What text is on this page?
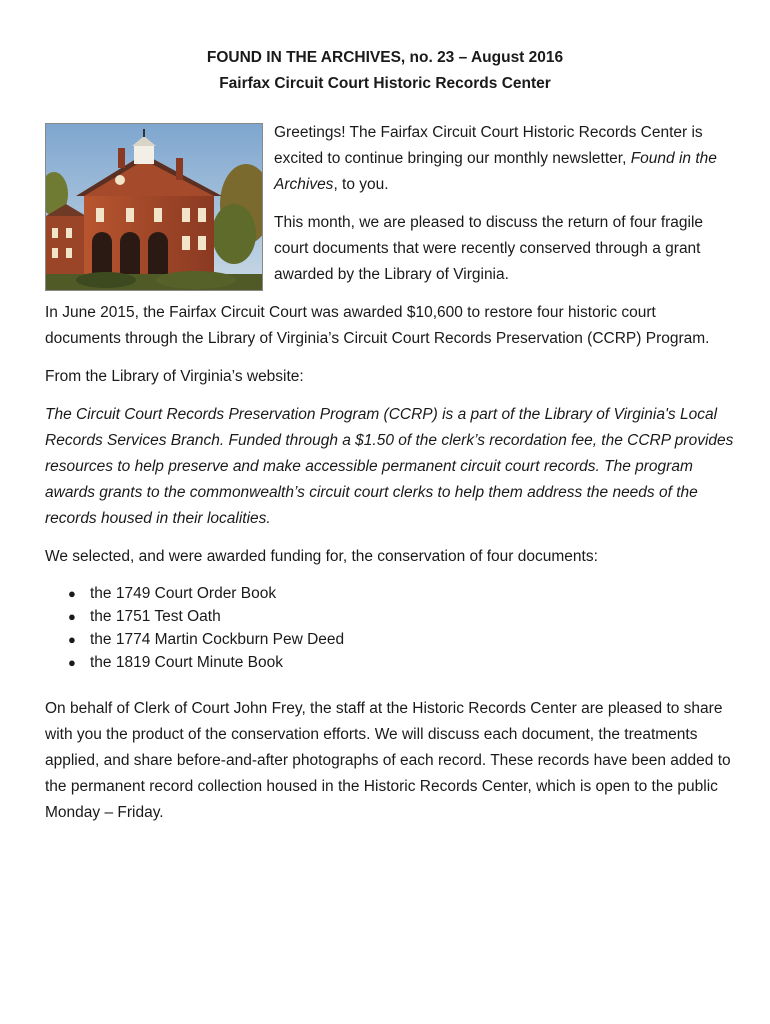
FOUND IN THE ARCHIVES, no. 23 – August 2016
Fairfax Circuit Court Historic Records Center

Greetings! The Fairfax Circuit Court Historic Records Center is excited to continue bringing our monthly newsletter, Found in the Archives, to you.

This month, we are pleased to discuss the return of four fragile court documents that were recently conserved through a grant awarded by the Library of Virginia.

In June 2015, the Fairfax Circuit Court was awarded $10,600 to restore four historic court documents through the Library of Virginia’s Circuit Court Records Preservation (CCRP) Program.

From the Library of Virginia’s website:

The Circuit Court Records Preservation Program (CCRP) is a part of the Library of Virginia's Local Records Services Branch. Funded through a $1.50 of the clerk’s recordation fee, the CCRP provides resources to help preserve and make accessible permanent circuit court records. The program awards grants to the commonwealth’s circuit court clerks to help them address the needs of the records housed in their localities.

We selected, and were awarded funding for, the conservation of four documents:

● the 1749 Court Order Book
● the 1751 Test Oath
● the 1774 Martin Cockburn Pew Deed
● the 1819 Court Minute Book

On behalf of Clerk of Court John Frey, the staff at the Historic Records Center are pleased to share with you the product of the conservation efforts. We will discuss each document, the treatments applied, and share before-and-after photographs of each record. These records have been added to the permanent record collection housed in the Historic Records Center, which is open to the public Monday – Friday.
